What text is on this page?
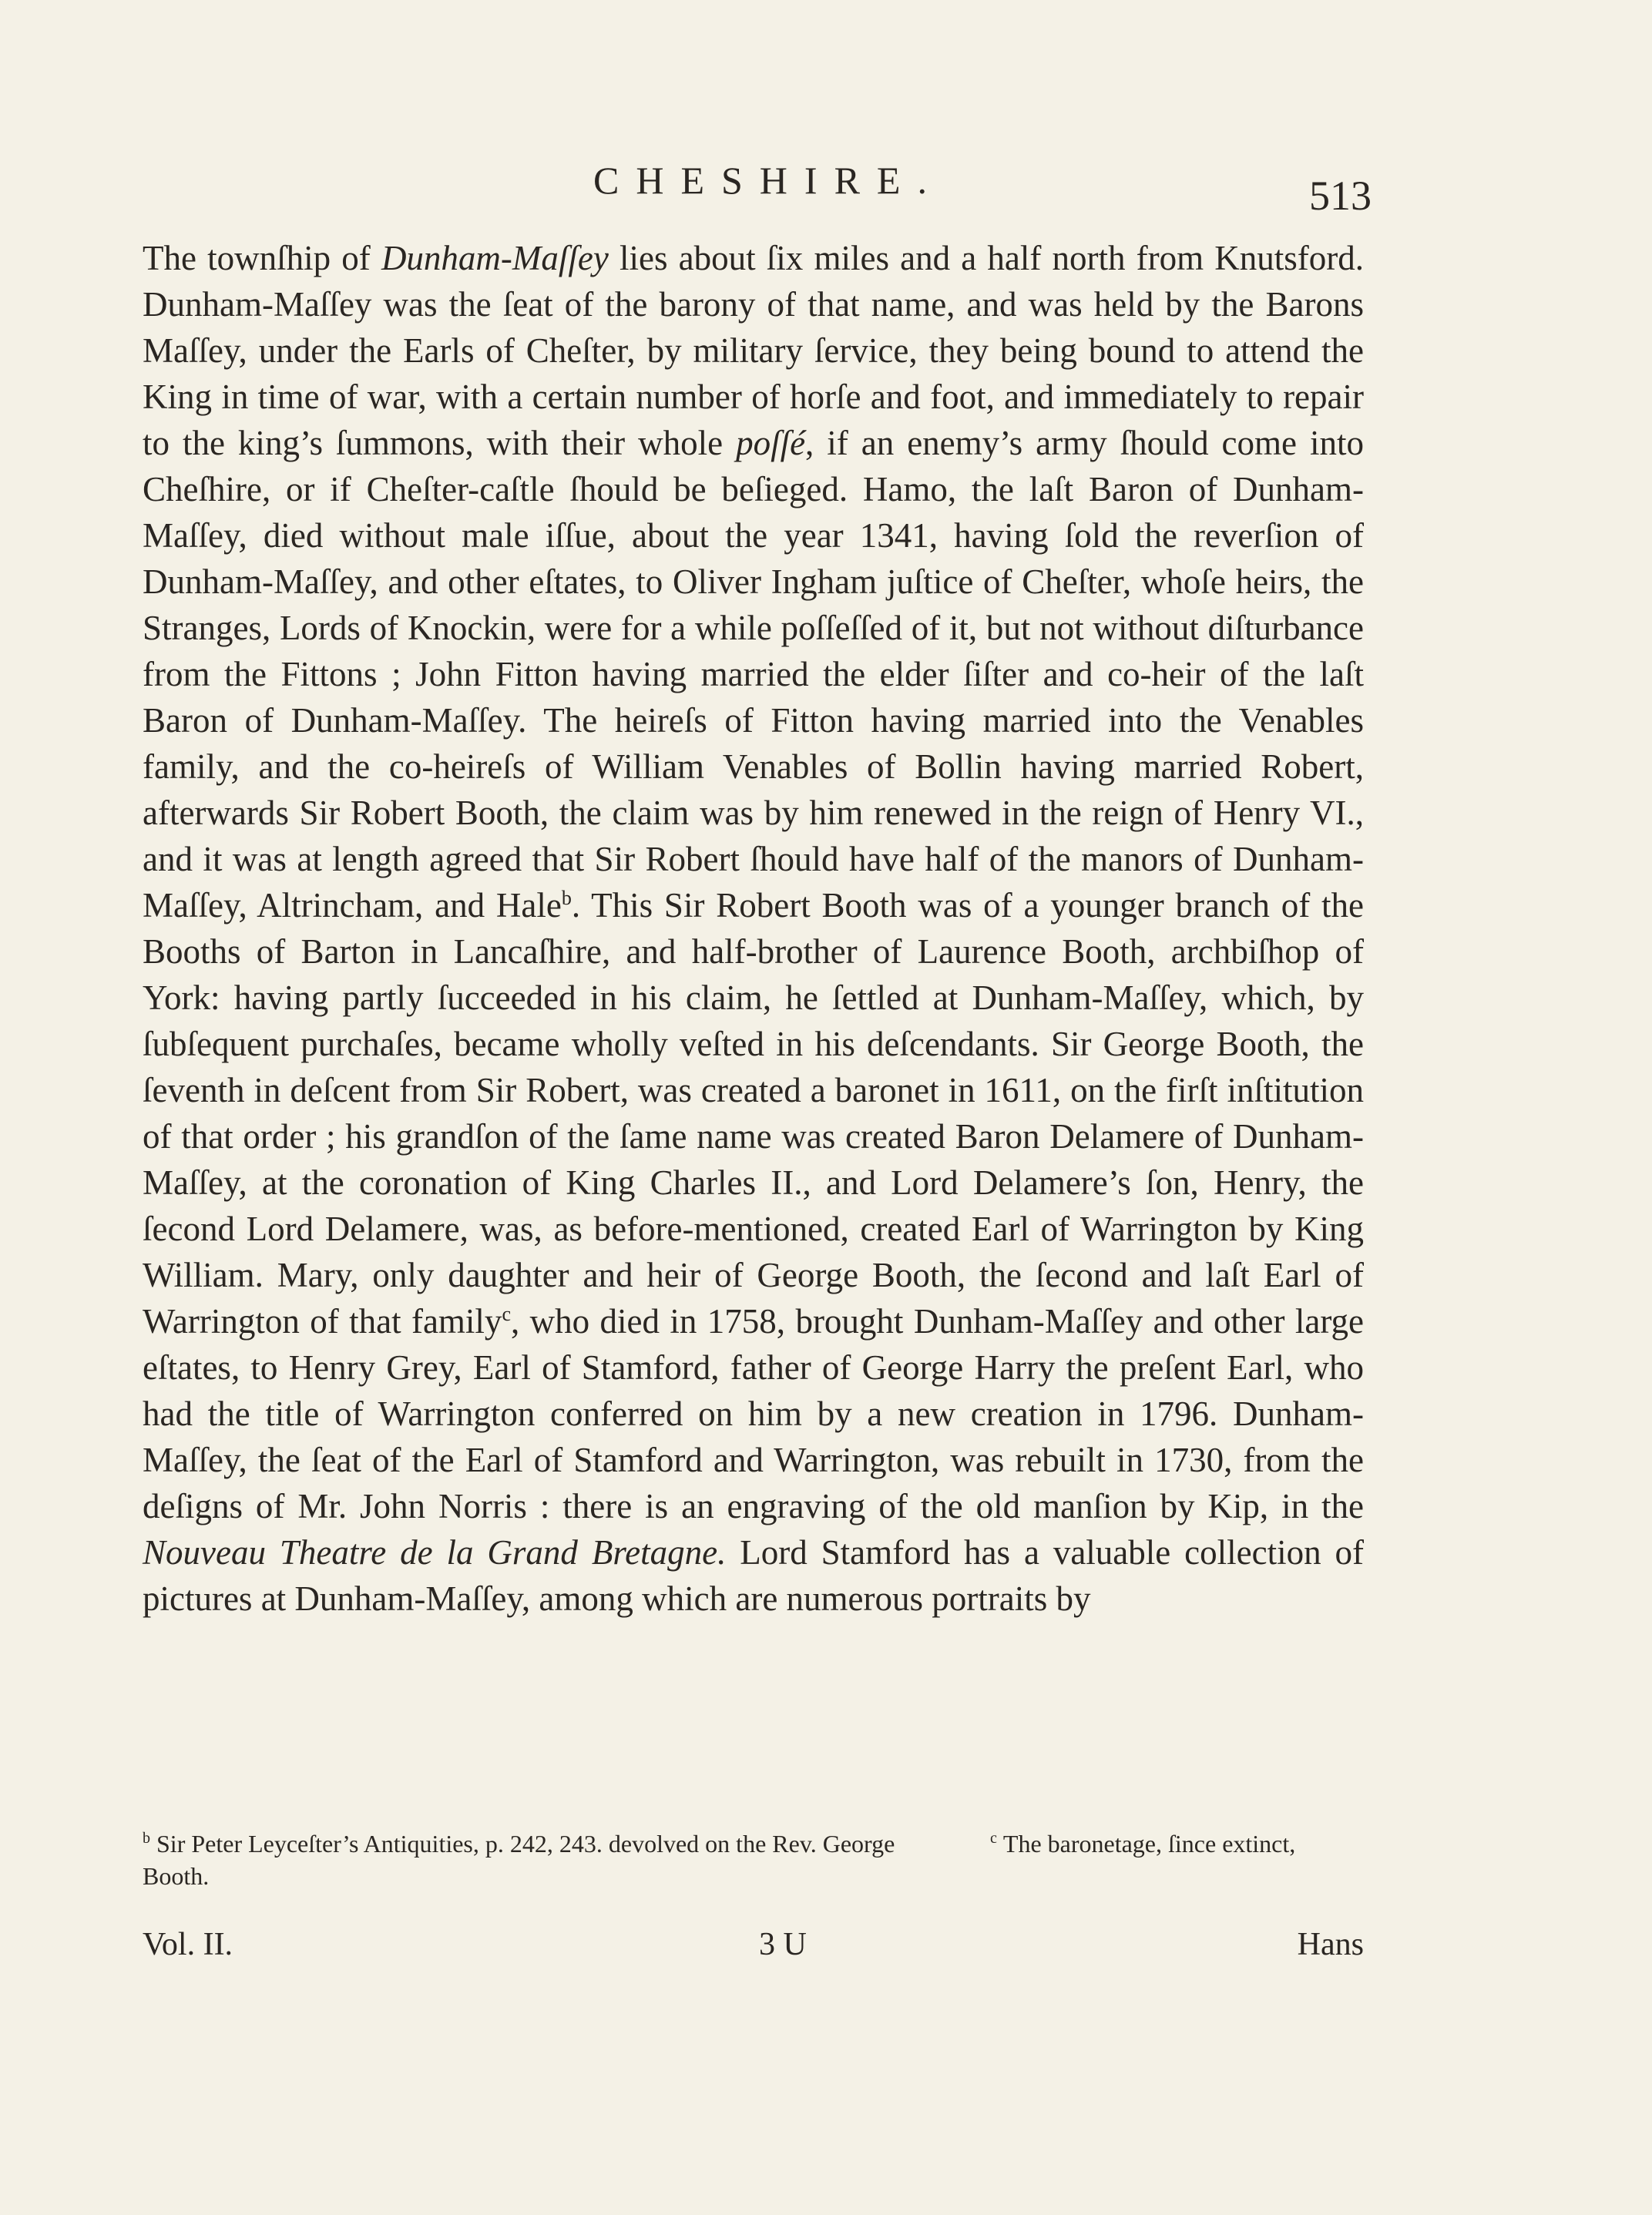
CHESHIRE.	513

The townſhip of Dunham-Maſſey lies about ſix miles and a half north from Knutsford. Dunham-Maſſey was the ſeat of the barony of that name, and was held by the Barons Maſſey, under the Earls of Cheſter, by military ſervice, they being bound to attend the King in time of war, with a certain number of horſe and foot, and immediately to repair to the king’s ſummons, with their whole poſſé, if an enemy’s army ſhould come into Cheſhire, or if Cheſter-caſtle ſhould be beſieged. Hamo, the laſt Baron of Dunham-Maſſey, died without male iſſue, about the year 1341, having ſold the reverſion of Dunham-Maſſey, and other eſtates, to Oliver Ingham juſtice of Cheſter, whoſe heirs, the Stranges, Lords of Knockin, were for a while poſſeſſed of it, but not without diſturbance from the Fittons ; John Fitton having married the elder ſiſter and co-heir of the laſt Baron of Dunham-Maſſey. The heireſs of Fitton having married into the Venables family, and the co-heireſs of William Venables of Bollin having married Robert, afterwards Sir Robert Booth, the claim was by him renewed in the reign of Henry VI., and it was at length agreed that Sir Robert ſhould have half of the manors of Dunham-Maſſey, Altrincham, and Hale$^b$. This Sir Robert Booth was of a younger branch of the Booths of Barton in Lancaſhire, and half-brother of Laurence Booth, archbiſhop of York: having partly ſucceeded in his claim, he ſettled at Dunham-Maſſey, which, by ſubſequent purchaſes, became wholly veſted in his deſcendants. Sir George Booth, the ſeventh in deſcent from Sir Robert, was created a baronet in 1611, on the firſt inſtitution of that order ; his grandſon of the ſame name was created Baron Delamere of Dunham-Maſſey, at the coronation of King Charles II., and Lord Delamere’s ſon, Henry, the ſecond Lord Delamere, was, as before-mentioned, created Earl of Warrington by King William. Mary, only daughter and heir of George Booth, the ſecond and laſt Earl of Warrington of that family$^c$, who died in 1758, brought Dunham-Maſſey and other large eſtates, to Henry Grey, Earl of Stamford, father of George Harry the preſent Earl, who had the title of Warrington conferred on him by a new creation in 1796. Dunham-Maſſey, the ſeat of the Earl of Stamford and Warrington, was rebuilt in 1730, from the deſigns of Mr. John Norris : there is an engraving of the old manſion by Kip, in the Nouveau Theatre de la Grand Bretagne. Lord Stamford has a valuable collection of pictures at Dunham-Maſſey, among which are numerous portraits by

$^b$ Sir Peter Leyceſter’s Antiquities, p. 242, 243. devolved on the Rev. George Booth.
$^c$ The baronetage, ſince extinct,
Vol. II.	3 U	Hans
